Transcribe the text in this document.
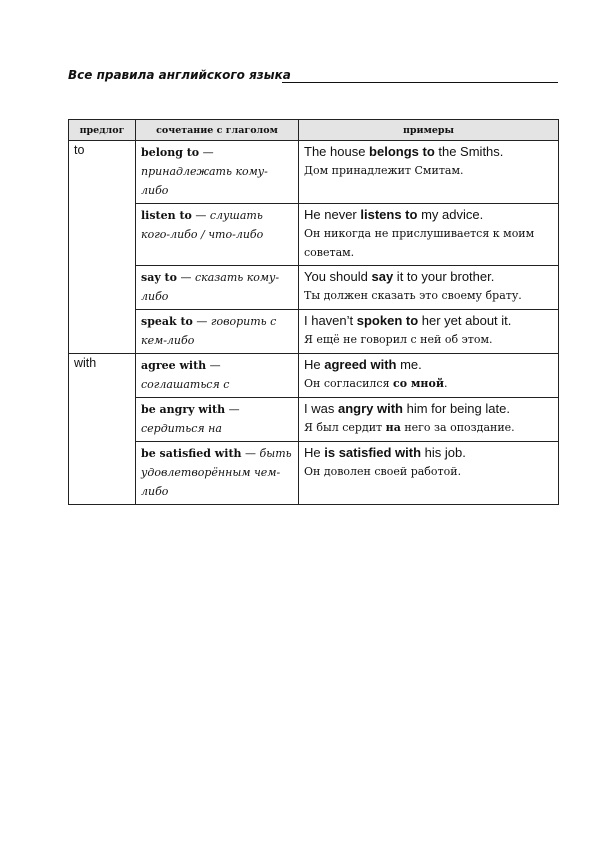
Все правила английского языка
предлог	сочетание с глаголом	примеры
to	belong to — принадлежать кому-либо	The house belongs to the Smiths.
Дом принадлежит Смитам.

	listen to — слушать кого-либо / что-либо	He never listens to my advice.
Он никогда не прислушивается к моим советам.

	say to — сказать кому-либо	You should say it to your brother.
Ты должен сказать это своему брату.

	speak to — говорить с кем-либо	I haven’t spoken to her yet about it.
Я ещё не говорил с ней об этом.

with	agree with — соглашаться с	He agreed with me.
Он согласился со мной.

	be angry with — сердиться на	I was angry with him for being late.
Я был сердит на него за опоздание.

	be satisfied with — быть удовлетворённым чем-либо	He is satisfied with his job.
Он доволен своей работой.
